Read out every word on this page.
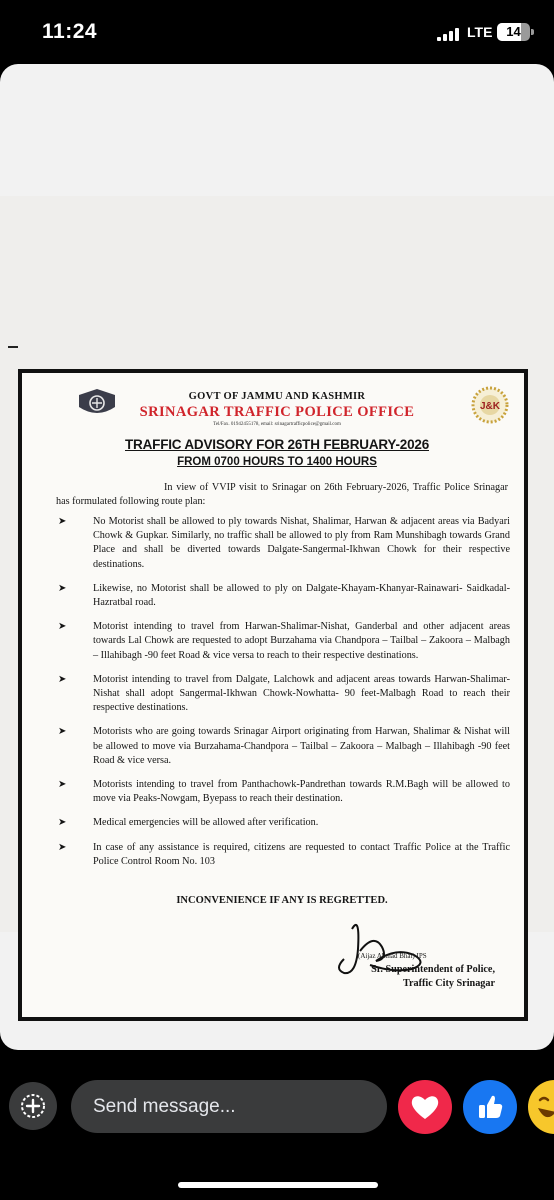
11:24	LTE	14
J&K
GOVT OF JAMMU AND KASHMIR
SRINAGAR TRAFFIC POLICE OFFICE
Tel/Fax. 01942455178, email: srinagartrafficpolice@gmail.com
TRAFFIC ADVISORY FOR 26TH FEBRUARY-2026
FROM 0700 HOURS TO 1400 HOURS
In view of VVIP visit to Srinagar on 26th February-2026, Traffic Police Srinagar has formulated following route plan:
➤	No Motorist shall be allowed to ply towards Nishat, Shalimar, Harwan & adjacent areas via Badyari Chowk & Gupkar. Similarly, no traffic shall be allowed to ply from Ram Munshibagh towards Grand Place and shall be diverted towards Dalgate-Sangermal-Ikhwan Chowk for their respective destinations.
➤	Likewise, no Motorist shall be allowed to ply on Dalgate-Khayam-Khanyar-Rainawari- Saidkadal-Hazratbal road.
➤	Motorist intending to travel from Harwan-Shalimar-Nishat, Ganderbal and other adjacent areas towards Lal Chowk are requested to adopt Burzahama via Chandpora – Tailbal – Zakoora – Malbagh – Illahibagh -90 feet Road & vice versa to reach to their respective destinations.
➤	Motorist intending to travel from Dalgate, Lalchowk and adjacent areas towards Harwan-Shalimar-Nishat shall adopt Sangermal-Ikhwan Chowk-Nowhatta- 90 feet-Malbagh Road to reach their respective destinations.
➤	Motorists who are going towards Srinagar Airport originating from Harwan, Shalimar & Nishat will be allowed to move via Burzahama-Chandpora – Tailbal – Zakoora – Malbagh – Illahibagh -90 feet Road & vice versa.
➤	Motorists intending to travel from Panthachowk-Pandrethan towards R.M.Bagh will be allowed to move via Peaks-Nowgam, Byepass to reach their destination.
➤	Medical emergencies will be allowed after verification.
➤	In case of any assistance is required, citizens are requested to contact Traffic Police at the Traffic Police Control Room No. 103
INCONVENIENCE IF ANY IS REGRETTED.
(Aijaz Ahmad Bhat) IPS
Sr. Superintendent of Police,
Traffic City Srinagar
Send message...
